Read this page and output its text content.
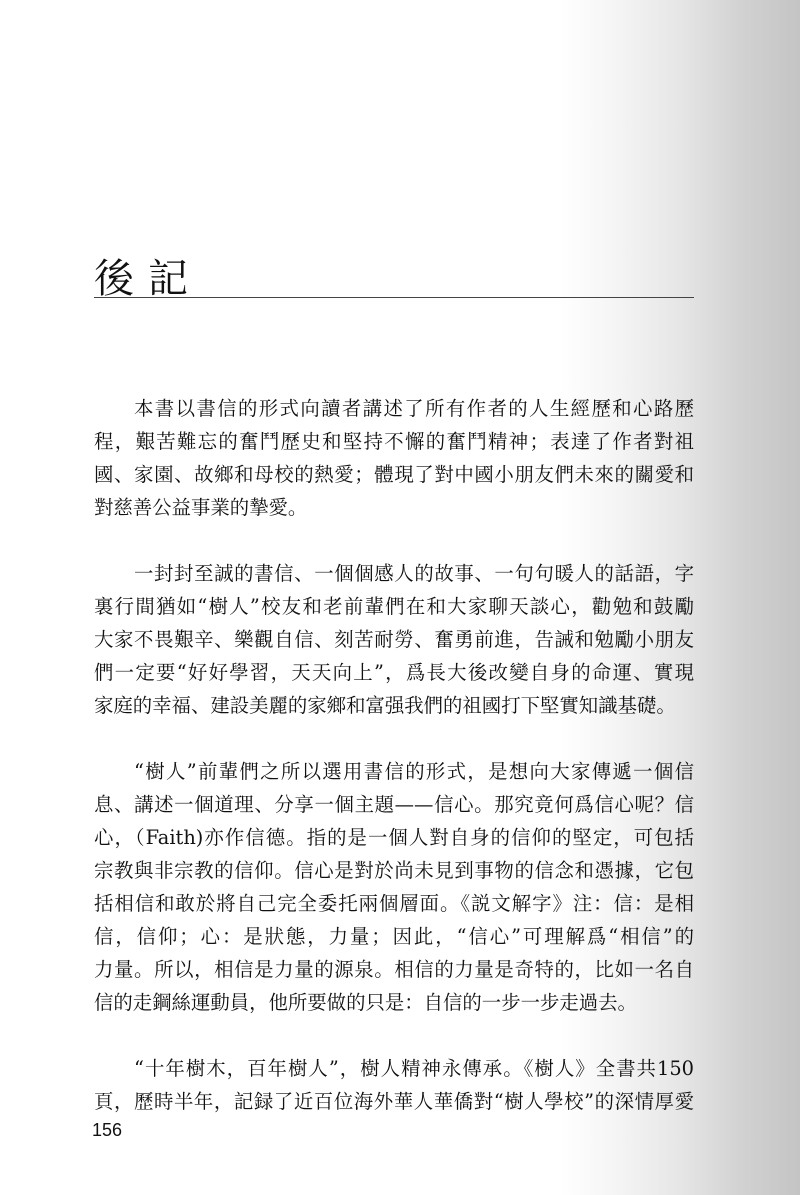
後記
本書以書信的形式向讀者講述了所有作者的人生經歷和心路歷
程，艱苦難忘的奮鬥歷史和堅持不懈的奮鬥精神；表達了作者對祖
國、家園、故鄉和母校的熱愛；體現了對中國小朋友們未來的關愛和
對慈善公益事業的摯愛。
一封封至誠的書信、一個個感人的故事、一句句暖人的話語，字
裏行間猶如“樹人”校友和老前輩們在和大家聊天談心，勸勉和鼓勵
大家不畏艱辛、樂觀自信、刻苦耐勞、奮勇前進，告誡和勉勵小朋友
們一定要“好好學習，天天向上”，爲長大後改變自身的命運、實現
家庭的幸福、建設美麗的家鄉和富强我們的祖國打下堅實知識基礎。
“樹人”前輩們之所以選用書信的形式，是想向大家傳遞一個信
息、講述一個道理、分享一個主題——信心。那究竟何爲信心呢？信
心，（Faith)亦作信德。指的是一個人對自身的信仰的堅定，可包括
宗教與非宗教的信仰。信心是對於尚未見到事物的信念和憑據，它包
括相信和敢於將自己完全委托兩個層面。《説文解字》注：信：是相
信，信仰；心：是狀態，力量；因此，“信心”可理解爲“相信”的
力量。所以，相信是力量的源泉。相信的力量是奇特的，比如一名自
信的走鋼絲運動員，他所要做的只是：自信的一步一步走過去。
“十年樹木，百年樹人”，樹人精神永傳承。《樹人》全書共150
頁，歷時半年，記録了近百位海外華人華僑對“樹人學校”的深情厚愛
156
